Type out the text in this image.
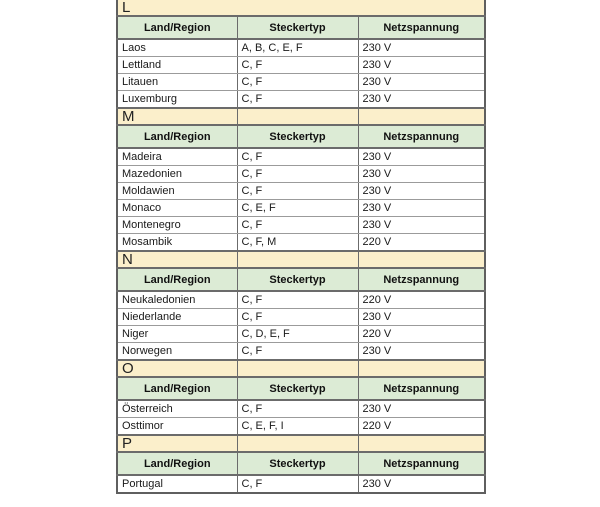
L		
Land/Region	Steckertyp	Netzspannung
Laos	A, B, C, E, F	230 V
Lettland	C, F	230 V
Litauen	C, F	230 V
Luxemburg	C, F	230 V
M		
Land/Region	Steckertyp	Netzspannung
Madeira	C, F	230 V
Mazedonien	C, F	230 V
Moldawien	C, F	230 V
Monaco	C, E, F	230 V
Montenegro	C, F	230 V
Mosambik	C, F, M	220 V
N		
Land/Region	Steckertyp	Netzspannung
Neukaledonien	C, F	220 V
Niederlande	C, F	230 V
Niger	C, D, E, F	220 V
Norwegen	C, F	230 V
O		
Land/Region	Steckertyp	Netzspannung
Österreich	C, F	230 V
Osttimor	C, E, F, I	220 V
P		
Land/Region	Steckertyp	Netzspannung
Portugal	C, F	230 V
